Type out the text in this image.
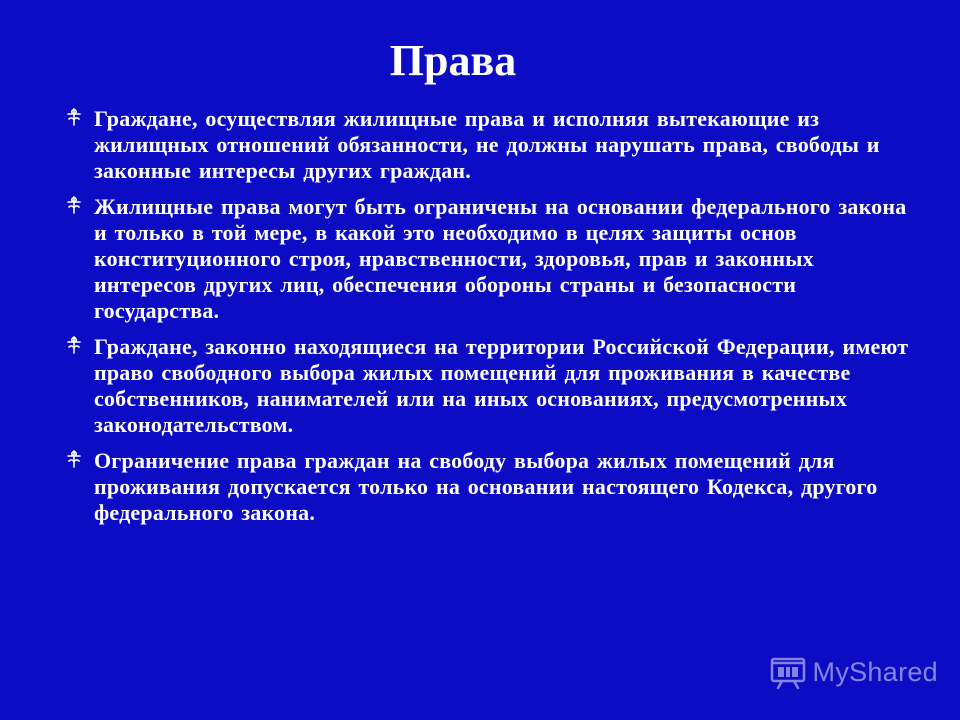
Права
Граждане, осуществляя жилищные права и исполняя вытекающие из жилищных отношений обязанности, не должны нарушать права, свободы и законные интересы других граждан.
Жилищные права могут быть ограничены на основании федерального закона и только в той мере, в какой это необходимо в целях защиты основ конституционного строя, нравственности, здоровья, прав и законных интересов других лиц, обеспечения обороны страны и безопасности государства.
Граждане, законно находящиеся на территории Российской Федерации, имеют право свободного выбора жилых помещений для проживания в качестве собственников, нанимателей или на иных основаниях, предусмотренных законодательством.
Ограничение права граждан на свободу выбора жилых помещений для проживания допускается только на основании настоящего Кодекса, другого федерального закона.
MyShared
